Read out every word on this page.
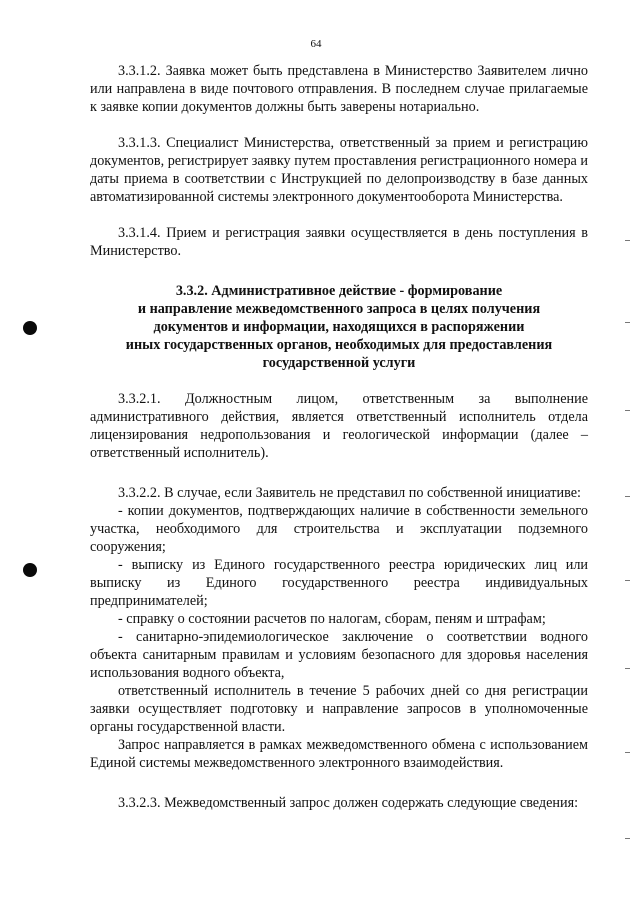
64

3.3.1.2. Заявка может быть представлена в Министерство Заявителем лично или направлена в виде почтового отправления. В последнем случае прилагаемые к заявке копии документов должны быть заверены нотариально.

3.3.1.3. Специалист Министерства, ответственный за прием и регистрацию документов, регистрирует заявку путем проставления регистрационного номера и даты приема в соответствии с Инструкцией по делопроизводству в базе данных автоматизированной системы электронного документооборота Министерства.

3.3.1.4. Прием и регистрация заявки осуществляется в день поступления в Министерство.

3.3.2. Административное действие - формирование
и направление межведомственного запроса в целях получения
документов и информации, находящихся в распоряжении
иных государственных органов, необходимых для предоставления
государственной услуги

3.3.2.1. Должностным лицом, ответственным за выполнение административного действия, является ответственный исполнитель отдела лицензирования недропользования и геологической информации (далее – ответственный исполнитель).

3.3.2.2. В случае, если Заявитель не представил по собственной инициативе:

- копии документов, подтверждающих наличие в собственности земельного участка, необходимого для строительства и эксплуатации подземного сооружения;

- выписку из Единого государственного реестра юридических лиц или выписку из Единого государственного реестра индивидуальных предпринимателей;

- справку о состоянии расчетов по налогам, сборам, пеням и штрафам;

- санитарно-эпидемиологическое заключение о соответствии водного объекта санитарным правилам и условиям безопасного для здоровья населения использования водного объекта,

ответственный исполнитель в течение 5 рабочих дней со дня регистрации заявки осуществляет подготовку и направление запросов в уполномоченные органы государственной власти.

Запрос направляется в рамках межведомственного обмена с использованием Единой системы межведомственного электронного взаимодействия.

3.3.2.3. Межведомственный запрос должен содержать следующие сведения:
